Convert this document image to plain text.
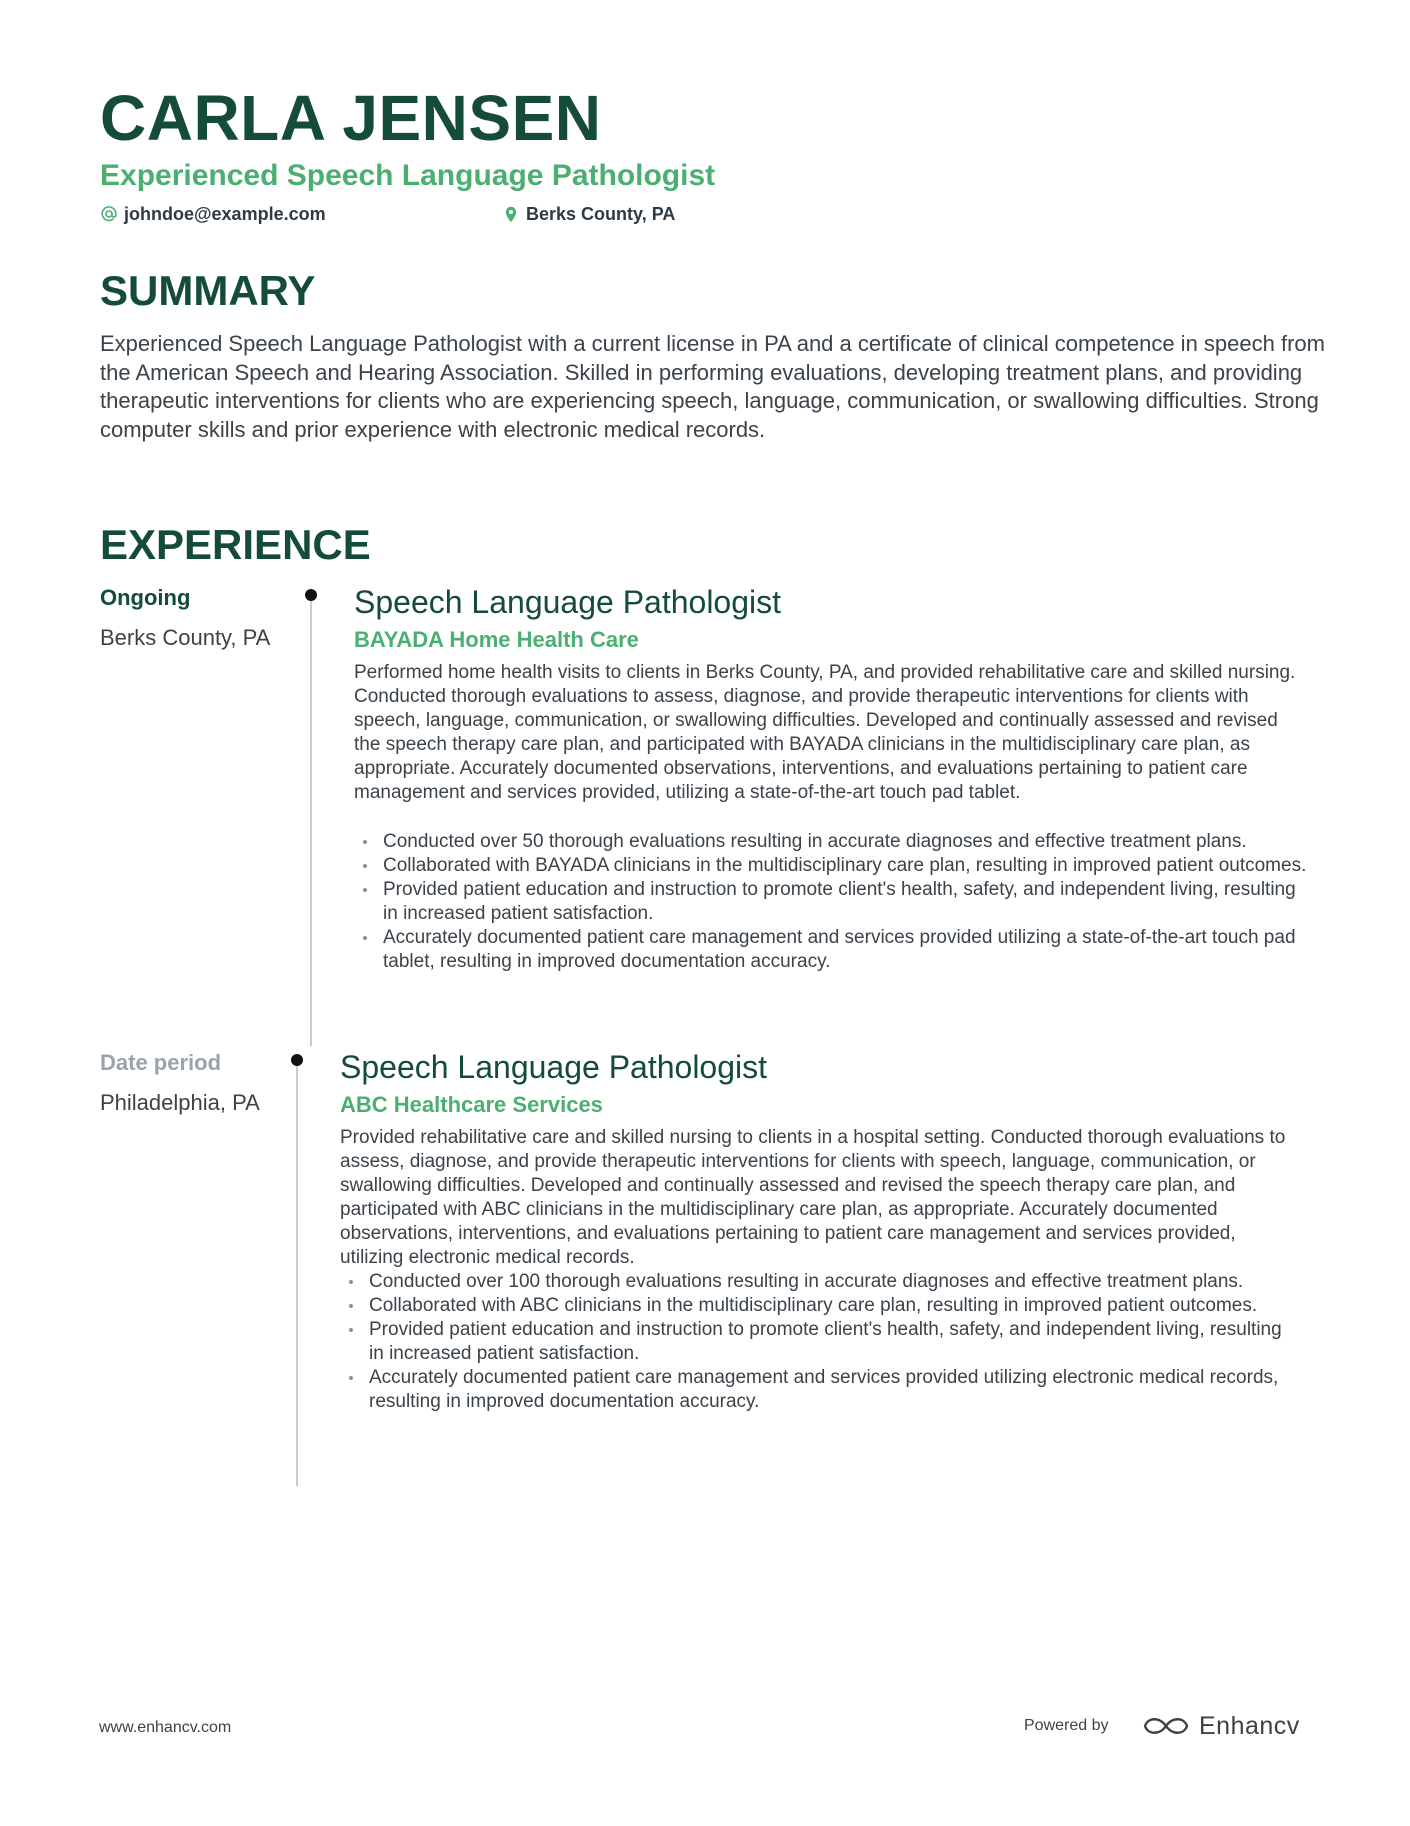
CARLA JENSEN
Experienced Speech Language Pathologist
johndoe@example.com	Berks County, PA
SUMMARY
Experienced Speech Language Pathologist with a current license in PA and a certificate of clinical competence in speech from the American Speech and Hearing Association. Skilled in performing evaluations, developing treatment plans, and providing therapeutic interventions for clients who are experiencing speech, language, communication, or swallowing difficulties. Strong computer skills and prior experience with electronic medical records.
EXPERIENCE
Ongoing
Berks County, PA
Speech Language Pathologist
BAYADA Home Health Care
Performed home health visits to clients in Berks County, PA, and provided rehabilitative care and skilled nursing. Conducted thorough evaluations to assess, diagnose, and provide therapeutic interventions for clients with speech, language, communication, or swallowing difficulties. Developed and continually assessed and revised the speech therapy care plan, and participated with BAYADA clinicians in the multidisciplinary care plan, as appropriate. Accurately documented observations, interventions, and evaluations pertaining to patient care management and services provided, utilizing a state-of-the-art touch pad tablet.
Conducted over 50 thorough evaluations resulting in accurate diagnoses and effective treatment plans.
Collaborated with BAYADA clinicians in the multidisciplinary care plan, resulting in improved patient outcomes.
Provided patient education and instruction to promote client's health, safety, and independent living, resulting in increased patient satisfaction.
Accurately documented patient care management and services provided utilizing a state-of-the-art touch pad tablet, resulting in improved documentation accuracy.
Date period
Philadelphia, PA
Speech Language Pathologist
ABC Healthcare Services
Provided rehabilitative care and skilled nursing to clients in a hospital setting. Conducted thorough evaluations to assess, diagnose, and provide therapeutic interventions for clients with speech, language, communication, or swallowing difficulties. Developed and continually assessed and revised the speech therapy care plan, and participated with ABC clinicians in the multidisciplinary care plan, as appropriate. Accurately documented observations, interventions, and evaluations pertaining to patient care management and services provided, utilizing electronic medical records.
Conducted over 100 thorough evaluations resulting in accurate diagnoses and effective treatment plans.
Collaborated with ABC clinicians in the multidisciplinary care plan, resulting in improved patient outcomes.
Provided patient education and instruction to promote client's health, safety, and independent living, resulting in increased patient satisfaction.
Accurately documented patient care management and services provided utilizing electronic medical records, resulting in improved documentation accuracy.
www.enhancv.com	Powered by	Enhancv
